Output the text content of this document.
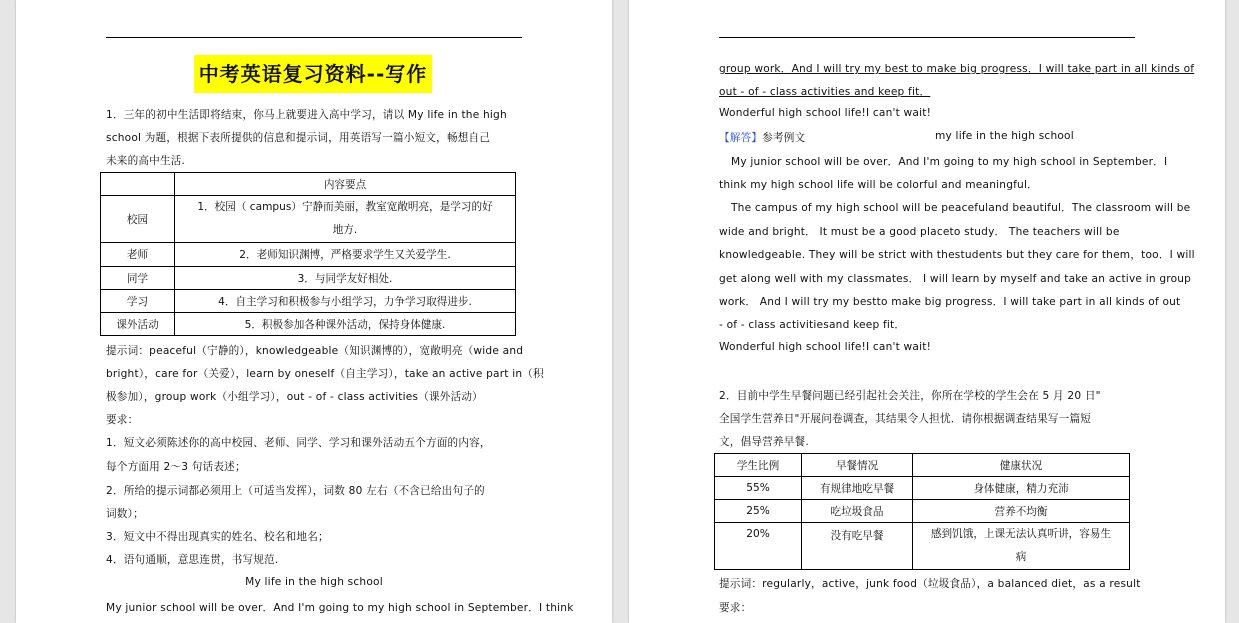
中考英语复习资料--写作
1．三年的初中生活即将结束，你马上就要进入高中学习，请以 My life in the high
school 为题，根据下表所提供的信息和提示词，用英语写一篇小短文，畅想自己
未来的高中生活.
	内容要点
校园	1．校园（ campus）宁静而美丽，教室宽敞明亮，是学习的好
地方.

老师	2．老师知识渊博，严格要求学生又关爱学生.
同学	3．与同学友好相处.
学习	4．自主学习和积极参与小组学习，力争学习取得进步.
课外活动	5．积极参加各种课外活动，保持身体健康.
提示词：peaceful（宁静的），knowledgeable（知识渊博的），宽敞明亮（wide and
bright），care for（关爱），learn by oneself（自主学习），take an active part in（积
极参加），group work（小组学习），out - of - class activities（课外活动）
要求：
1．短文必须陈述你的高中校园、老师、同学、学习和课外活动五个方面的内容，
每个方面用 2～3 句话表述；
2．所给的提示词都必须用上（可适当发挥），词数 80 左右（不含已给出句子的
词数）；
3．短文中不得出现真实的姓名、校名和地名；
4．语句通顺，意思连贯，书写规范.
My life in the high school
My junior school will be over．And I'm going to my high school in September．I think
group work．And I will try my best to make big progress．I will take part in all kinds of
out - of - class activities and keep fit．
Wonderful high school life!I can't wait!
【解答】参考例文	my life in the high school
My junior school will be over．And I'm going to my high school in September．I
think my high school life will be colorful and meaningful．
The campus of my high school will be peacefuland beautiful．The classroom will be
wide and bright． It must be a good placeto study． The teachers will be
knowledgeable. They will be strict with thestudents but they care for them，too．I will
get along well with my classmates． I will learn by myself and take an active in group
work． And I will try my bestto make big progress．I will take part in all kinds of out
- of - class activitiesand keep fit．
Wonderful high school life!I can't wait!
2．目前中学生早餐问题已经引起社会关注，你所在学校的学生会在 5 月 20 日"
全国学生营养日"开展问卷调查，其结果令人担忧．请你根据调查结果写一篇短
文，倡导营养早餐.
学生比例	早餐情况	健康状况
55%	有规律地吃早餐	身体健康，精力充沛
25%	吃垃圾食品	营养不均衡
20%	没有吃早餐	感到饥饿，上课无法认真听讲，容易生
病
提示词：regularly，active，junk food（垃圾食品），a balanced diet，as a result
要求：
